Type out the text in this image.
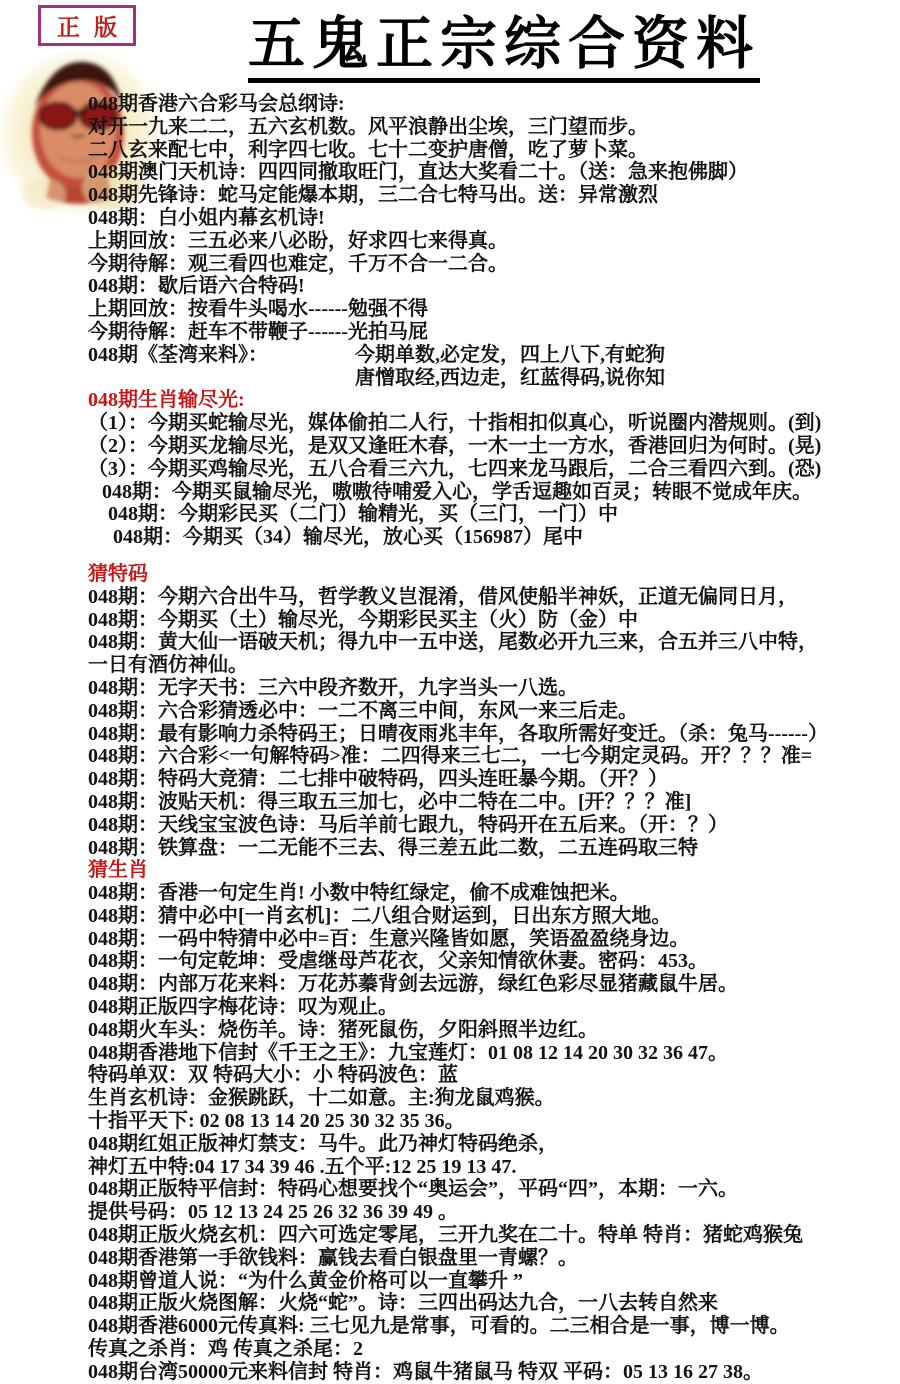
正版 五鬼正宗综合资料
048期香港六合彩马会总纲诗:
对开一九来二二，五六玄机数。风平浪静出尘埃，三门望而步。
二八玄来配七中，利字四七收。七十二变护唐僧，吃了萝卜菜。
048期澳门天机诗：四四同撤取旺门，直达大奖看二十。（送：急来抱佛脚）
048期先锋诗：蛇马定能爆本期，三二合七特马出。送：异常激烈
048期：白小姐内幕玄机诗!
上期回放：三五必来八必盼，好求四七来得真。
今期待解：观三看四也难定，千万不合一二合。
048期：歇后语六合特码!
上期回放：按看牛头喝水------勉强不得
今期待解：赶车不带鞭子------光拍马屁
048期《荃湾来料》：	今期单数,必定发，四上八下,有蛇狗
唐憎取经,西边走，红蓝得码,说你知
048期生肖输尽光:
（1）：今期买蛇输尽光，媒体偷拍二人行，十指相扣似真心，听说圈内潜规则。(到)
（2）：今期买龙输尽光，是双又逢旺木春，一木一土一方水，香港回归为何时。(晃)
（3）：今期买鸡输尽光，五八合看三六九，七四来龙马跟后，二合三看四六到。(恐)
048期：今期买鼠输尽光，嗷嗷待哺爱入心，学舌逗趣如百灵；转眼不觉成年庆。
048期：今期彩民买（二门）输精光，买（三门，一门）中
048期：今期买（34）输尽光，放心买（156987）尾中
猜特码
048期：今期六合出牛马，哲学教义岂混淆，借风使船半神妖，正道无偏同日月，
048期：今期买（土）输尽光，今期彩民买主（火）防（金）中
048期：黄大仙一语破天机；得九中一五中送，尾数必开九三来，合五并三八中特，
一日有酒仿神仙。
048期：无字天书：三六中段齐数开，九字当头一八选。
048期：六合彩猜透必中：一二不离三中间，东风一来三后走。
048期：最有影响力杀特码王；日晴夜雨兆丰年，各取所需好变迁。（杀：兔马------）
048期：六合彩<一句解特码>准：二四得来三七二，一七今期定灵码。开？？？准=
048期：特码大竞猜：二七排中破特码，四头连旺暴今期。（开？）
048期：波贴天机：得三取五三加七，必中二特在二中。[开？？？准]
048期：天线宝宝波色诗：马后羊前七跟九，特码开在五后来。（开：？）
048期：铁算盘：一二无能不三去、得三差五此二数，二五连码取三特
猜生肖
048期：香港一句定生肖! 小数中特红绿定，偷不成难蚀把米。
048期：猜中必中[一肖玄机]：二八组合财运到，日出东方照大地。
048期：一码中特猜中必中=百：生意兴隆皆如愿，笑语盈盈绕身边。
048期：一句定乾坤：受虐继母芦花衣，父亲知情欲休妻。密码：453。
048期：内部万花来料：万花苏蓁背剑去远游，绿红色彩尽显猪藏鼠牛居。
048期正版四字梅花诗：叹为观止。
048期火车头：烧伤羊。诗：猪死鼠伤，夕阳斜照半边红。
048期香港地下信封《千王之王》：九宝莲灯：01 08 12 14 20 30 32 36 47。
特码单双：双 特码大小：小 特码波色：蓝
生肖玄机诗：金猴跳跃，十二如意。主:狗龙鼠鸡猴。
十指平天下: 02 08 13 14 20 25 30 32 35 36。
048期红姐正版神灯禁支：马牛。此乃神灯特码绝杀，
神灯五中特:04 17 34 39 46 .五个平:12 25 19 13 47.
048期正版特平信封：特码心想要找个“奥运会”，平码“四”，本期：一六。
提供号码：05 12 13 24 25 26 32 36 39 49 。
048期正版火烧玄机：四六可选定零尾，三开九奖在二十。特单 特肖：猪蛇鸡猴兔
048期香港第一手欲钱料：赢钱去看白银盘里一青螺？。
048期曾道人说：“为什么黄金价格可以一直攀升 ”
048期正版火烧图解：火烧“蛇”。诗：三四出码达九合，一八去转自然来
048期香港6000元传真料: 三七见九是常事，可看的。二三相合是一事，博一博。
传真之杀肖：鸡 传真之杀尾：2
048期台湾50000元来料信封 特肖：鸡鼠牛猪鼠马 特双 平码：05 13 16 27 38。
